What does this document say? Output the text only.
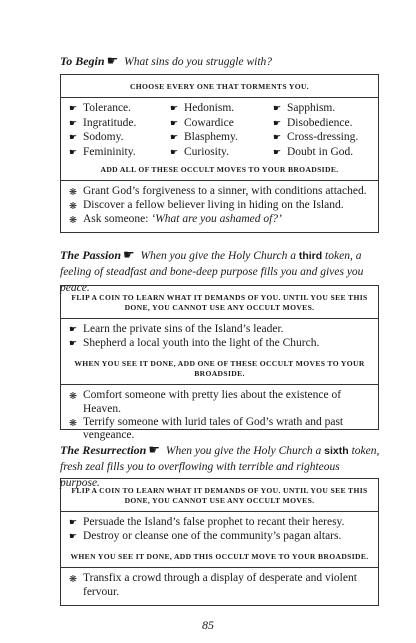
To Begin ☛ What sins do you struggle with?
CHOOSE EVERY ONE THAT TORMENTS YOU.
☛ Tolerance.	☛ Hedonism.	☛ Sapphism.
☛ Ingratitude.	☛ Cowardice	☛ Disobedience.
☛ Sodomy.	☛ Blasphemy.	☛ Cross-dressing.
☛ Femininity.	☛ Curiosity.	☛ Doubt in God.
ADD ALL OF THESE OCCULT MOVES TO YOUR BROADSIDE.
❋ Grant God’s forgiveness to a sinner, with conditions attached.
❋ Discover a fellow believer living in hiding on the Island.
❋ Ask someone: ‘What are you ashamed of?’
The Passion ☛ When you give the Holy Church a third token, a feeling of steadfast and bone-deep purpose fills you and gives you peace.
FLIP A COIN TO LEARN WHAT IT DEMANDS OF YOU. UNTIL YOU SEE THIS DONE, YOU CANNOT USE ANY OCCULT MOVES.
☛ Learn the private sins of the Island’s leader.
☛ Shepherd a local youth into the light of the Church.
WHEN YOU SEE IT DONE, ADD ONE OF THESE OCCULT MOVES TO YOUR BROADSIDE.
❋ Comfort someone with pretty lies about the existence of Heaven.
❋ Terrify someone with lurid tales of God’s wrath and past vengeance.
The Resurrection ☛ When you give the Holy Church a sixth token, fresh zeal fills you to overflowing with terrible and righteous purpose.
FLIP A COIN TO LEARN WHAT IT DEMANDS OF YOU. UNTIL YOU SEE THIS DONE, YOU CANNOT USE ANY OCCULT MOVES.
☛ Persuade the Island’s false prophet to recant their heresy.
☛ Destroy or cleanse one of the community’s pagan altars.
WHEN YOU SEE IT DONE, ADD THIS OCCULT MOVE TO YOUR BROADSIDE.
❋ Transfix a crowd through a display of desperate and violent fervour.
85
